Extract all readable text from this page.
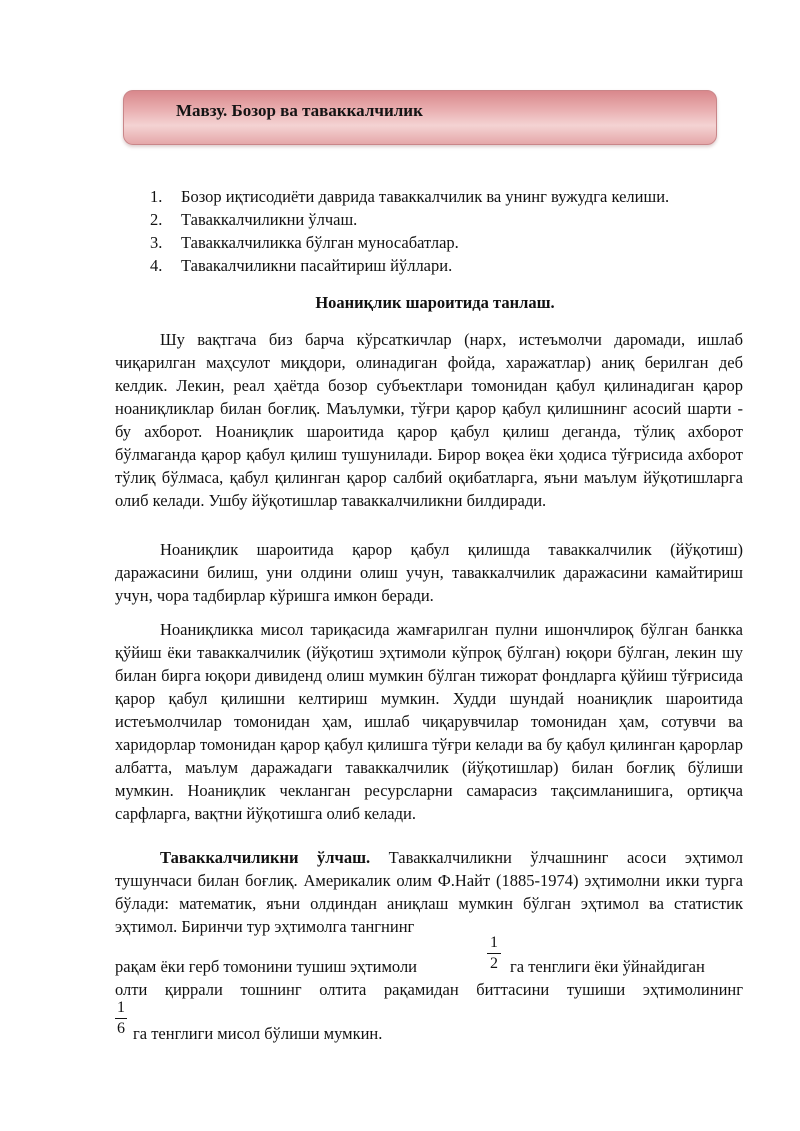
Мавзу. Бозор ва таваккалчилик
1. Бозор иқтисодиёти даврида таваккалчилик ва унинг вужудга келиши.
2. Таваккалчиликни ўлчаш.
3. Таваккалчиликка бўлган муносабатлар.
4. Тавакалчиликни пасайтириш йўллари.
Ноаниқлик шароитида танлаш.

Шу вақтгача биз барча кўрсаткичлар (нарх, истеъмолчи даромади, ишлаб чиқарилган маҳсулот миқдори, олинадиган фойда, харажатлар) аниқ берилган деб келдик. Лекин, реал ҳаётда бозор субъектлари томонидан қабул қилинадиган қарор ноаниқликлар билан боғлиқ. Маълумки, тўғри қарор қабул қилишнинг асосий шарти - бу ахборот. Ноаниқлик шароитида қарор қабул қилиш деганда, тўлиқ ахборот бўлмаганда қарор қабул қилиш тушунилади. Бирор воқеа ёки ҳодиса тўғрисида ахборот тўлиқ бўлмаса, қабул қилинган қарор салбий оқибатларга, яъни маълум йўқотишларга олиб келади. Ушбу йўқотишлар таваккалчиликни билдиради.

Ноаниқлик шароитида қарор қабул қилишда таваккалчилик (йўқотиш) даражасини билиш, уни олдини олиш учун, таваккалчилик даражасини камайтириш учун, чора тадбирлар кўришга имкон беради.

Ноаниқликка мисол тариқасида жамғарилган пулни ишончлироқ бўлган банкка қўйиш ёки таваккалчилик (йўқотиш эҳтимоли кўпроқ бўлган) юқори бўлган, лекин шу билан бирга юқори дивиденд олиш мумкин бўлган тижорат фондларга қўйиш тўғрисида қарор қабул қилишни келтириш мумкин. Худди шундай ноаниқлик шароитида истеъмолчилар томонидан ҳам, ишлаб чиқарувчилар томонидан ҳам, сотувчи ва харидорлар томонидан қарор қабул қилишга тўғри келади ва бу қабул қилинган қарорлар албатта, маълум даражадаги таваккалчилик (йўқотишлар) билан боғлиқ бўлиши мумкин. Ноаниқлик чекланган ресурсларни самарасиз тақсимланишига, ортиқча сарфларга, вақтни йўқотишга олиб келади.

Таваккалчиликни ўлчаш. Таваккалчиликни ўлчашнинг асоси эҳтимол тушунчаси билан боғлиқ. Америкалик олим Ф.Найт (1885-1974) эҳтимолни икки турга бўлади: математик, яъни олдиндан аниқлаш мумкин бўлган эҳтимол ва статистик эҳтимол. Биринчи тур эҳтимолга тангнинг

рақам ёки герб томонини тушиш эҳтимоли	га тенглиги ёки ўйнайдиган
1
2
олти қиррали тошнинг олтита рақамидан биттасини тушиши эҳтимолининг
1
6 га тенглиги мисол бўлиши мумкин.
